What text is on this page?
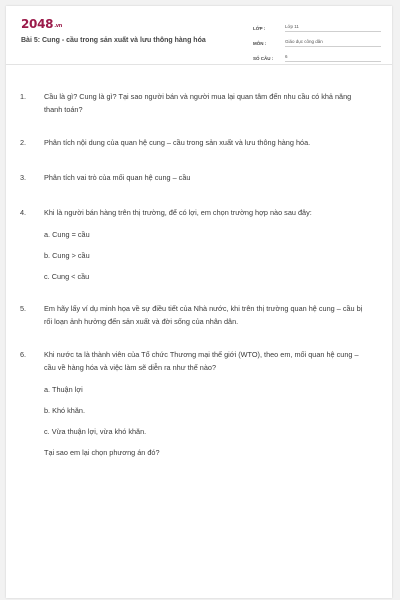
2048.vn
Bài 5: Cung - cầu trong sản xuất và lưu thông hàng hóa
LỚP :	Lớp 11
MÔN :	Giáo dục công dân
SỐ CÂU :	6
1.	Cầu là gì? Cung là gì? Tại sao người bán và người mua lại quan tâm đến nhu cầu có khả năng thanh toán?
2.	Phân tích nội dung của quan hệ cung – cầu trong sản xuất và lưu thông hàng hóa.
3.	Phân tích vai trò của mối quan hệ cung – cầu
4.	Khi là người bán hàng trên thị trường, để có lợi, em chọn trường hợp nào sau đây:
a. Cung = cầu
b. Cung > cầu
c. Cung < cầu
5.	Em hãy lấy ví dụ minh họa về sự điều tiết của Nhà nước, khi trên thị trường quan hệ cung – cầu bị rối loạn ảnh hưởng đến sản xuất và đời sống của nhân dân.
6.	Khi nước ta là thành viên của Tổ chức Thương mại thế giới (WTO), theo em, mối quan hệ cung – cầu về hàng hóa và việc làm sẽ diễn ra như thế nào?
a. Thuận lợi
b. Khó khăn.
c. Vừa thuận lợi, vừa khó khăn.
Tại sao em lại chọn phương án đó?
